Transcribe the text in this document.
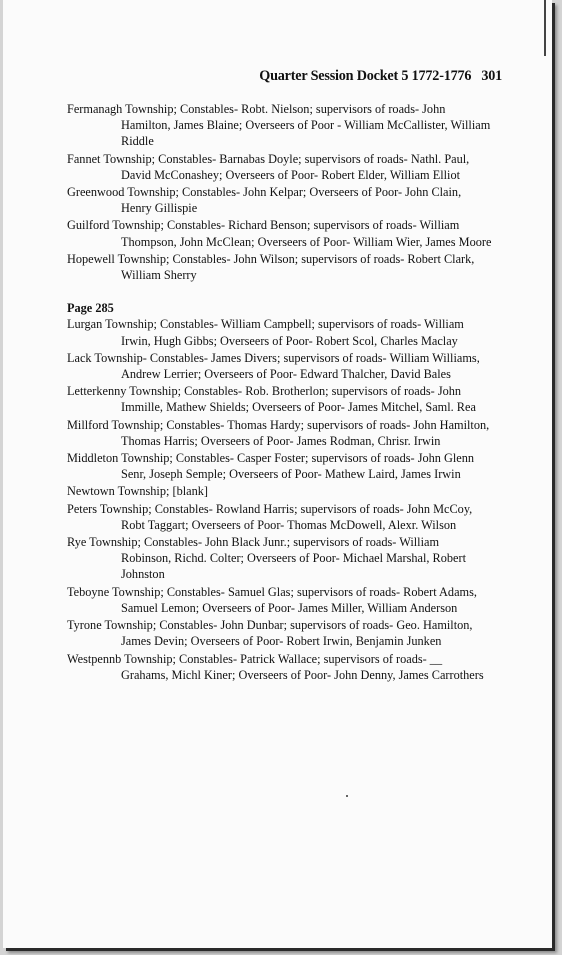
Quarter Session Docket 5 1772-1776 301
Fermanagh Township; Constables- Robt. Nielson; supervisors of roads- John Hamilton, James Blaine; Overseers of Poor - William McCallister, William Riddle
Fannet Township; Constables- Barnabas Doyle; supervisors of roads- Nathl. Paul, David McConashey; Overseers of Poor- Robert Elder, William Elliot
Greenwood Township; Constables- John Kelpar; Overseers of Poor- John Clain, Henry Gillispie
Guilford Township; Constables- Richard Benson; supervisors of roads- William Thompson, John McClean; Overseers of Poor- William Wier, James Moore
Hopewell Township; Constables- John Wilson; supervisors of roads- Robert Clark, William Sherry
Page 285
Lurgan Township; Constables- William Campbell; supervisors of roads- William Irwin, Hugh Gibbs; Overseers of Poor- Robert Scol, Charles Maclay
Lack Township- Constables- James Divers; supervisors of roads- William Williams, Andrew Lerrier; Overseers of Poor- Edward Thalcher, David Bales
Letterkenny Township; Constables- Rob. Brotherlon; supervisors of roads- John Immille, Mathew Shields; Overseers of Poor- James Mitchel, Saml. Rea
Millford Township; Constables- Thomas Hardy; supervisors of roads- John Hamilton, Thomas Harris; Overseers of Poor- James Rodman, Chrisr. Irwin
Middleton Township; Constables- Casper Foster; supervisors of roads- John Glenn Senr, Joseph Semple; Overseers of Poor- Mathew Laird, James Irwin
Newtown Township; [blank]
Peters Township; Constables- Rowland Harris; supervisors of roads- John McCoy, Robt Taggart; Overseers of Poor- Thomas McDowell, Alexr. Wilson
Rye Township; Constables- John Black Junr.; supervisors of roads- William Robinson, Richd. Colter; Overseers of Poor- Michael Marshal, Robert Johnston
Teboyne Township; Constables- Samuel Glas; supervisors of roads- Robert Adams, Samuel Lemon; Overseers of Poor- James Miller, William Anderson
Tyrone Township; Constables- John Dunbar; supervisors of roads- Geo. Hamilton, James Devin; Overseers of Poor- Robert Irwin, Benjamin Junken
Westpennb Township; Constables- Patrick Wallace; supervisors of roads- __ Grahams, Michl Kiner; Overseers of Poor- John Denny, James Carrothers
